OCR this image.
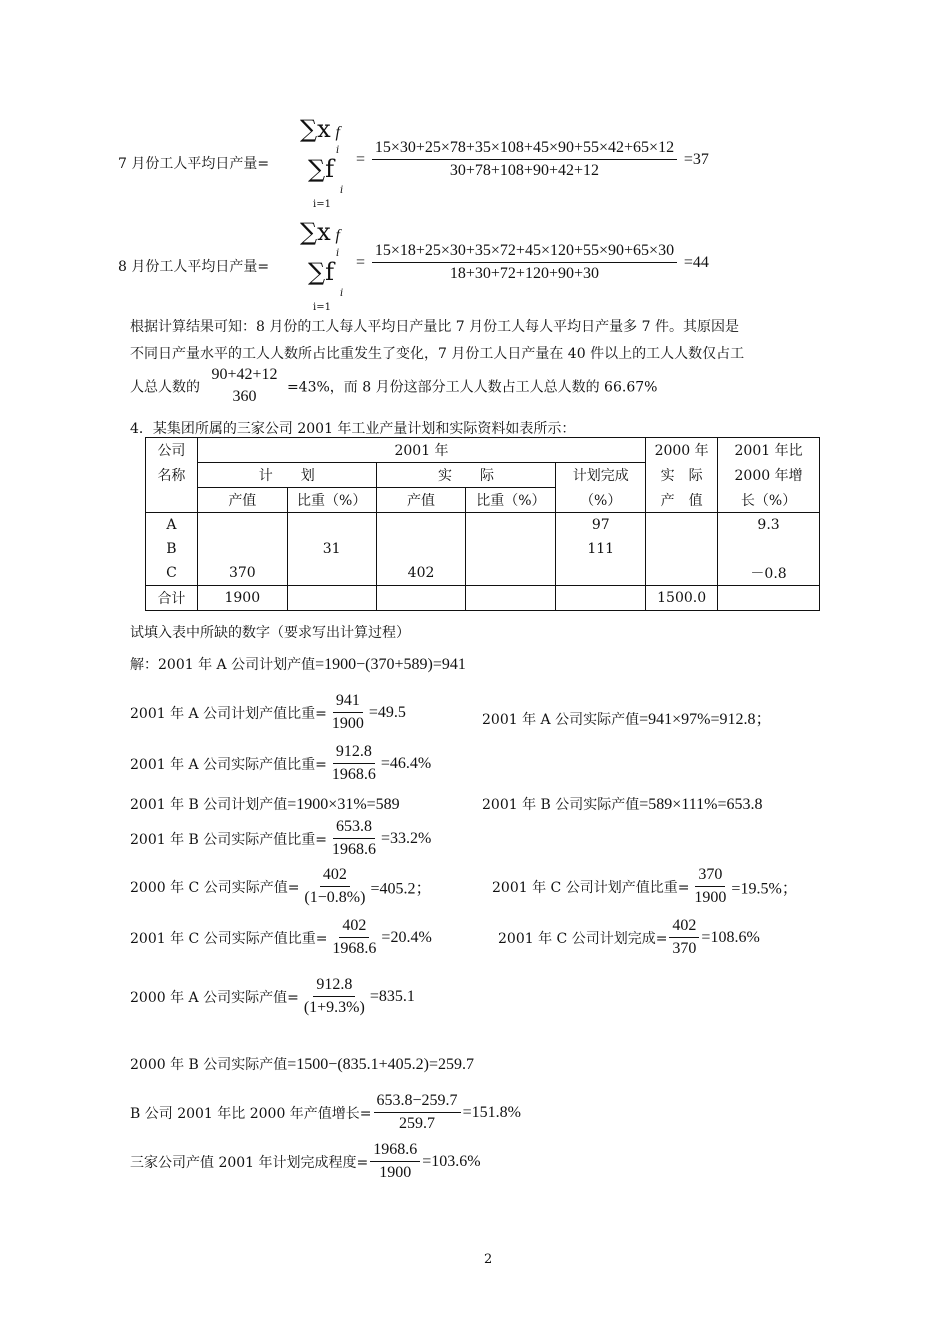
∑x f
i
7 月份工人平均日产量= ∑f
i
i=1
= $\frac{15\times 30+25\times 78+35\times 108+45\times 90+55\times 42+65\times 12}{30+78+108+90+42+12} =37$
∑x f
i
8 月份工人平均日产量= ∑f
i
i=1
= $\frac{15\times 18+25\times 30+35\times 72+45\times 120+55\times 90+65\times 30}{18+30+72+120+90+30} =44$
根据计算结果可知：8 月份的工人每人平均日产量比 7 月份工人每人平均日产量多 7 件。其原因是
不同日产量水平的工人人数所占比重发生了变化，7 月份工人日产量在 40 件以上的工人人数仅占工
人总人数的
90+42+12
360
=43%，而 8 月份这部分工人人数占工人总人数的 66.67%
4．某集团所属的三家公司 2001 年工业产量计划和实际资料如表所示：
公司	2001 年					2000 年	2001 年比
名称	计　　划		实　　际		计划完成	实　际	2000 年增
	产值	比重（%）	产值	比重（%）	（%）	产　值	长（%）
A					97		9.3
B		31			111		
C	370		402				－0.8
合计	1900					1500.0	
试填入表中所缺的数字（要求写出计算过程）
解：2001 年 A 公司计划产值=1900−(370+589)=941
2001 年 A 公司计划产值比重= $\frac{941}{1900} =49.5$	2001 年 A 公司实际产值=941×97%=912.8；
2001 年 A 公司实际产值比重= $\frac{912.8}{1968.6} =46.4\%$
2001 年 B 公司计划产值=1900×31%=589	2001 年 B 公司实际产值=589×111%=653.8
2001 年 B 公司实际产值比重= $\frac{653.8}{1968.6} =33.2\%$
2000 年 C 公司实际产值= $\frac{402}{(1-0.8\%)} =405.2$；	2001 年 C 公司计划产值比重= $\frac{370}{1900} =19.5\%$；
2001 年 C 公司实际产值比重= $\frac{402}{1968.6} =20.4\%$	2001 年 C 公司计划完成= $\frac{402}{370} =108.6\%$
2000 年 A 公司实际产值= $\frac{912.8}{(1+9.3\%)} =835.1$
2000 年 B 公司实际产值=1500−(835.1+405.2)=259.7
B 公司 2001 年比 2000 年产值增长= $\frac{653.8-259.7}{259.7} =151.8\%$
三家公司产值 2001 年计划完成程度= $\frac{1968.6}{1900} =103.6\%$
2
